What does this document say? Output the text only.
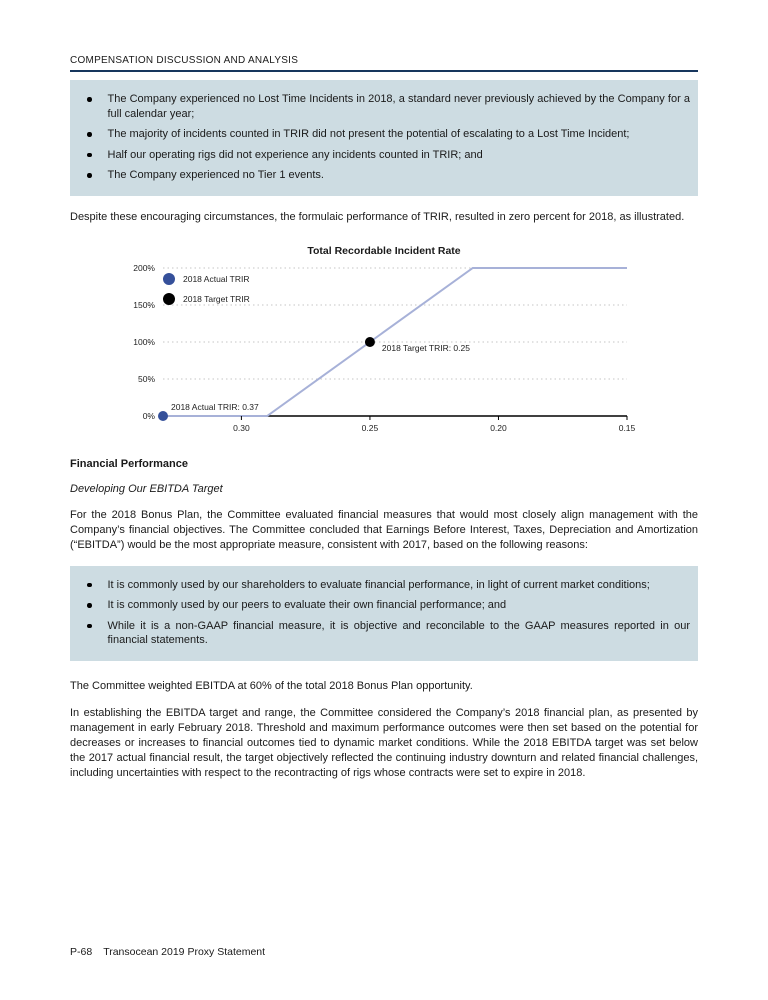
COMPENSATION DISCUSSION AND ANALYSIS
The Company experienced no Lost Time Incidents in 2018, a standard never previously achieved by the Company for a full calendar year;
The majority of incidents counted in TRIR did not present the potential of escalating to a Lost Time Incident;
Half our operating rigs did not experience any incidents counted in TRIR; and
The Company experienced no Tier 1 events.

Despite these encouraging circumstances, the formulaic performance of TRIR, resulted in zero percent for 2018, as illustrated.

Total Recordable Incident Rate
0.30	0.25	0.20	0.15
0%
50%
100%
150%
200%
2018 Actual TRIR: 0.37
2018 Target TRIR: 0.25
2018 Actual TRIR
2018 Target TRIR
Financial Performance
Developing Our EBITDA Target

For the 2018 Bonus Plan, the Committee evaluated financial measures that would most closely align management with the Company’s financial objectives. The Committee concluded that Earnings Before Interest, Taxes, Depreciation and Amortization (“EBITDA”) would be the most appropriate measure, consistent with 2017, based on the following reasons:

It is commonly used by our shareholders to evaluate financial performance, in light of current market conditions;
It is commonly used by our peers to evaluate their own financial performance; and
While it is a non-GAAP financial measure, it is objective and reconcilable to the GAAP measures reported in our financial statements.

The Committee weighted EBITDA at 60% of the total 2018 Bonus Plan opportunity.

In establishing the EBITDA target and range, the Committee considered the Company’s 2018 financial plan, as presented by management in early February 2018. Threshold and maximum performance outcomes were then set based on the potential for decreases or increases to financial outcomes tied to dynamic market conditions. While the 2018 EBITDA target was set below the 2017 actual financial result, the target objectively reflected the continuing industry downturn and related financial challenges, including uncertainties with respect to the recontracting of rigs whose contracts were set to expire in 2018.

P-68 Transocean 2019 Proxy Statement
